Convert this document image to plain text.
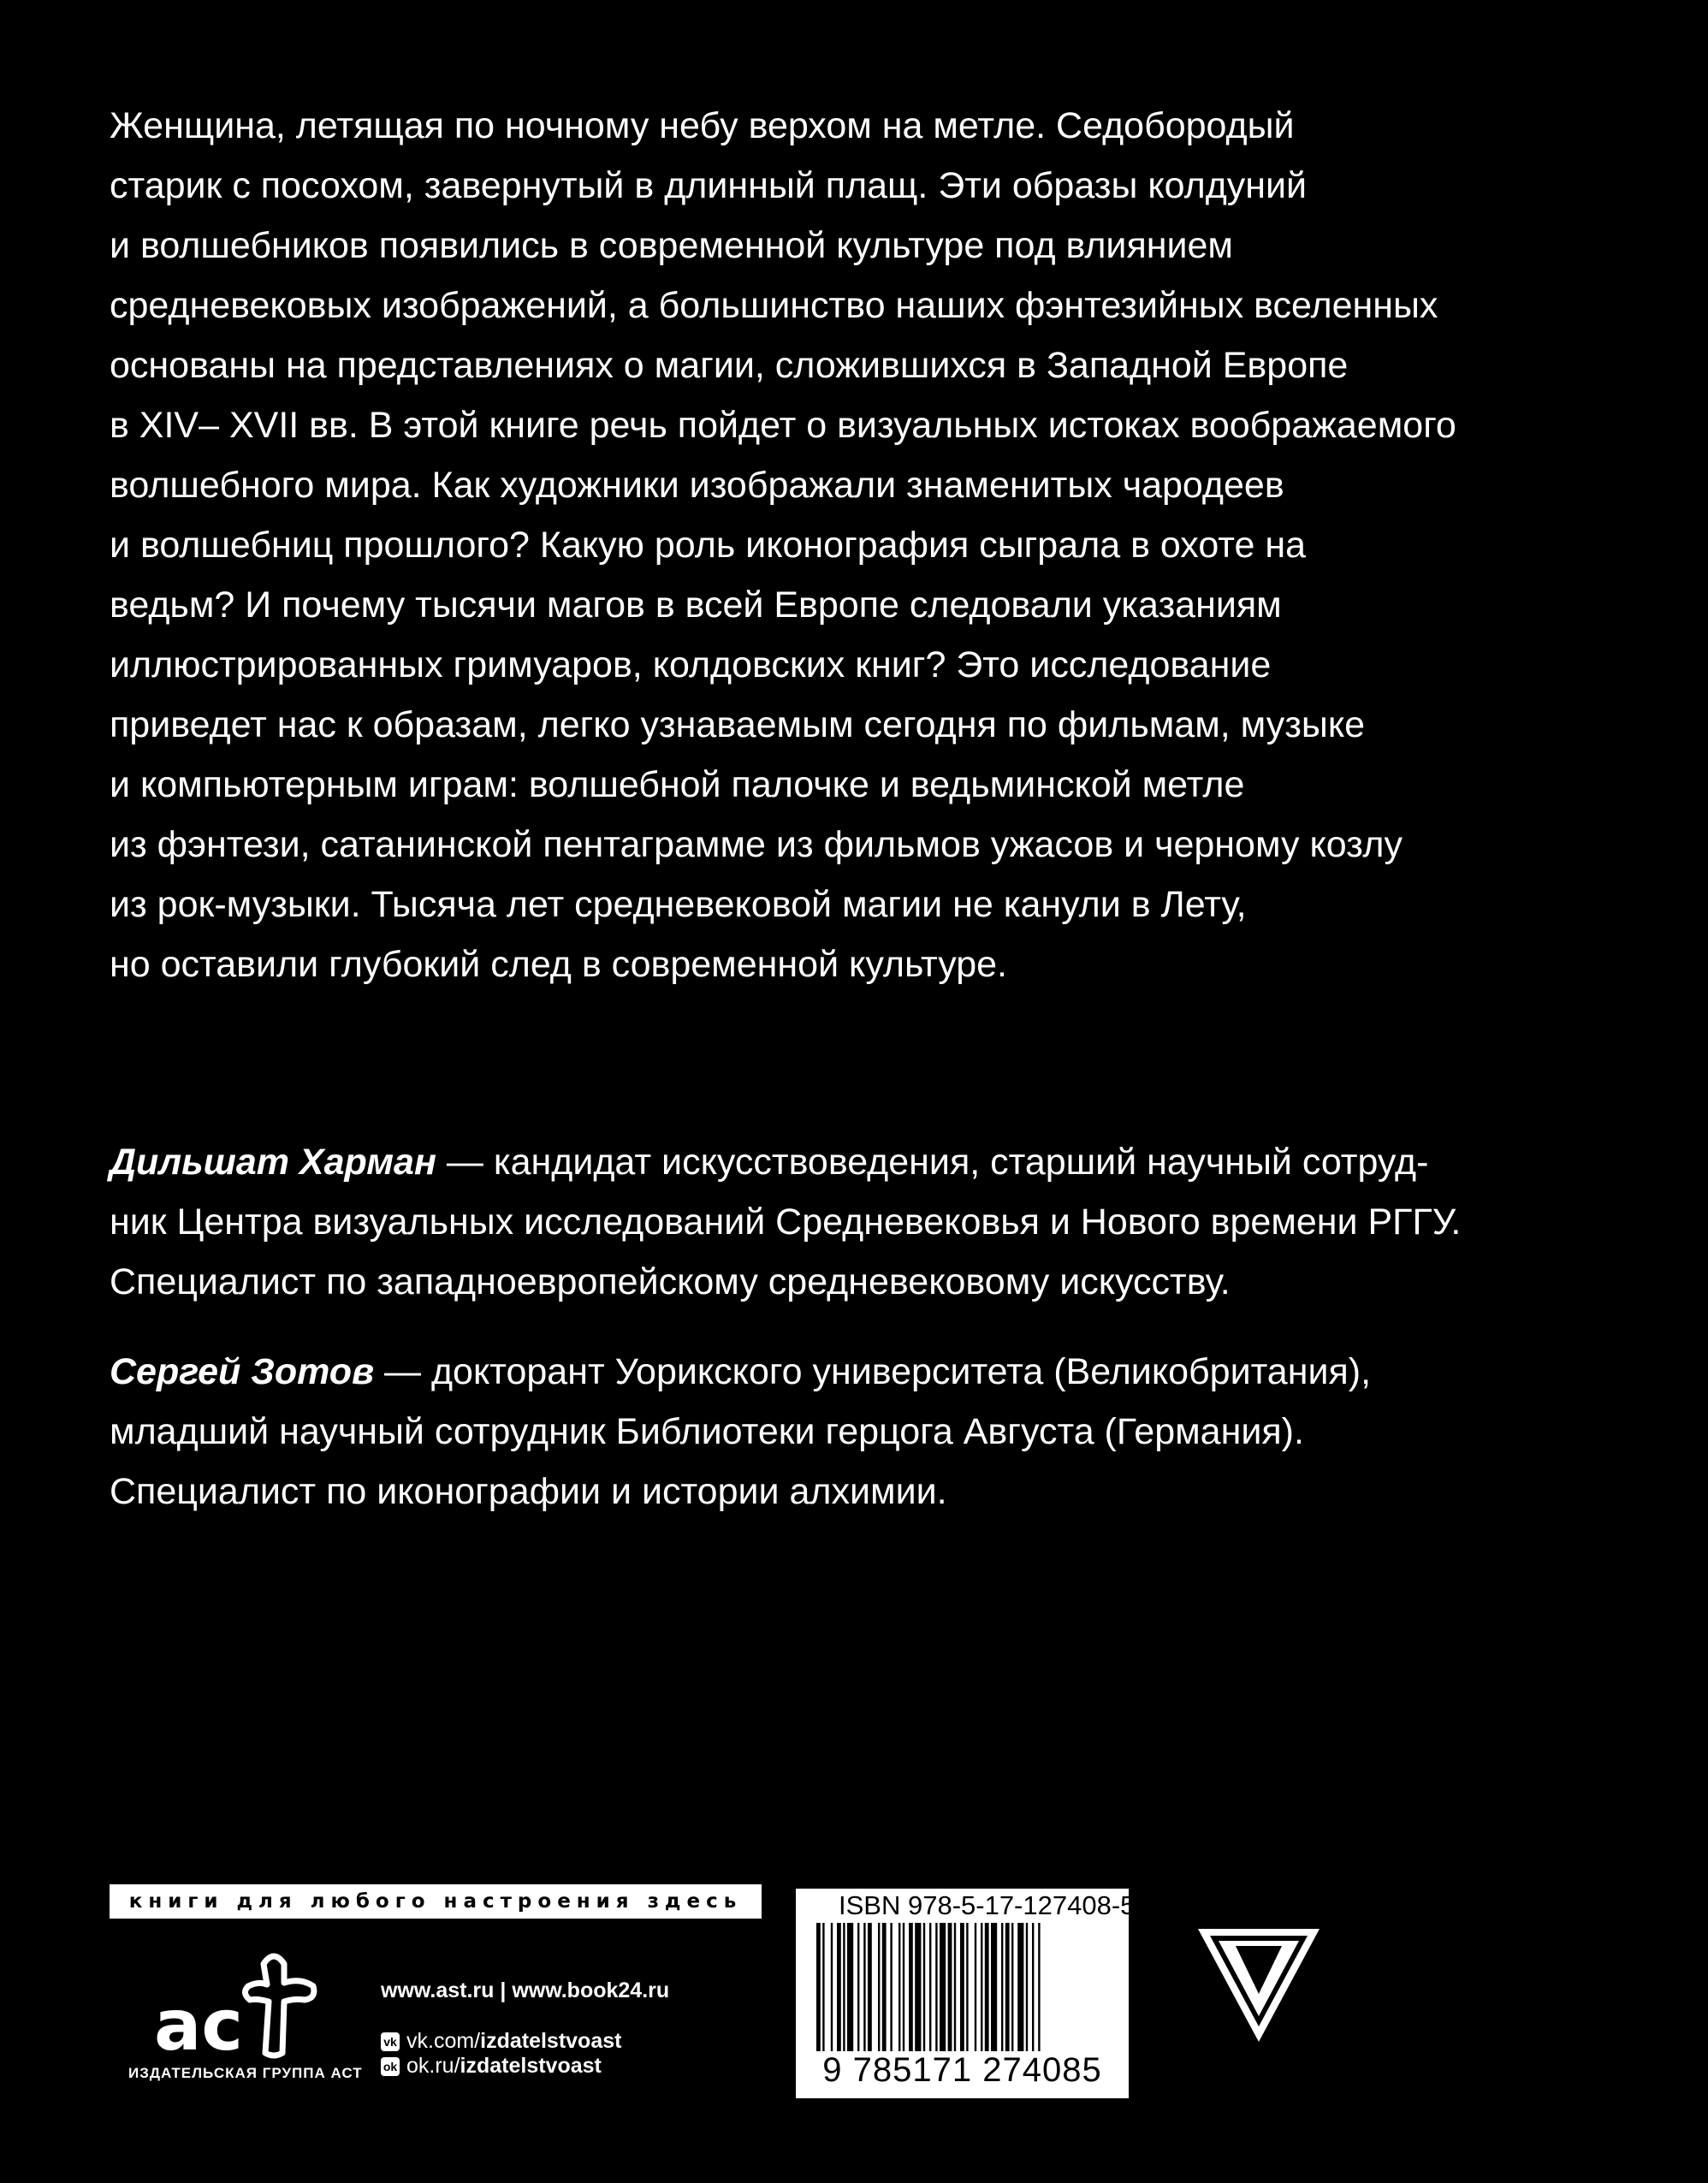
Женщина, летящая по ночному небу верхом на метле. Седобородый
старик с посохом, завернутый в длинный плащ. Эти образы колдуний
и волшебников появились в современной культуре под влиянием
средневековых изображений, а большинство наших фэнтезийных вселенных
основаны на представлениях о магии, сложившихся в Западной Европе
в XIV– XVII вв. В этой книге речь пойдет о визуальных истоках воображаемого
волшебного мира. Как художники изображали знаменитых чародеев
и волшебниц прошлого? Какую роль иконография сыграла в охоте на
ведьм? И почему тысячи магов в всей Европе следовали указаниям
иллюстрированных гримуаров, колдовских книг? Это исследование
приведет нас к образам, легко узнаваемым сегодня по фильмам, музыке
и компьютерным играм: волшебной палочке и ведьминской метле
из фэнтези, сатанинской пентаграмме из фильмов ужасов и черному козлу
из рок-музыки. Тысяча лет средневековой магии не канули в Лету,
но оставили глубокий след в современной культуре.
Дильшат Харман — кандидат искусствоведения, старший научный сотруд-
ник Центра визуальных исследований Средневековья и Нового времени РГГУ.
Специалист по западноевропейскому средневековому искусству.
Сергей Зотов — докторант Уорикского университета (Великобритания),
младший научный сотрудник Библиотеки герцога Августа (Германия).
Специалист по иконографии и истории алхимии.
книги для любого настроения здесь
ac
ИЗДАТЕЛЬСКАЯ ГРУППА АСТ
www.ast.ru | www.book24.ru
vk vk.com/ izdatelstvoast
ok ok.ru/ izdatelstvoast
ISBN 978-5-17-127408-5
9 785171 274085
